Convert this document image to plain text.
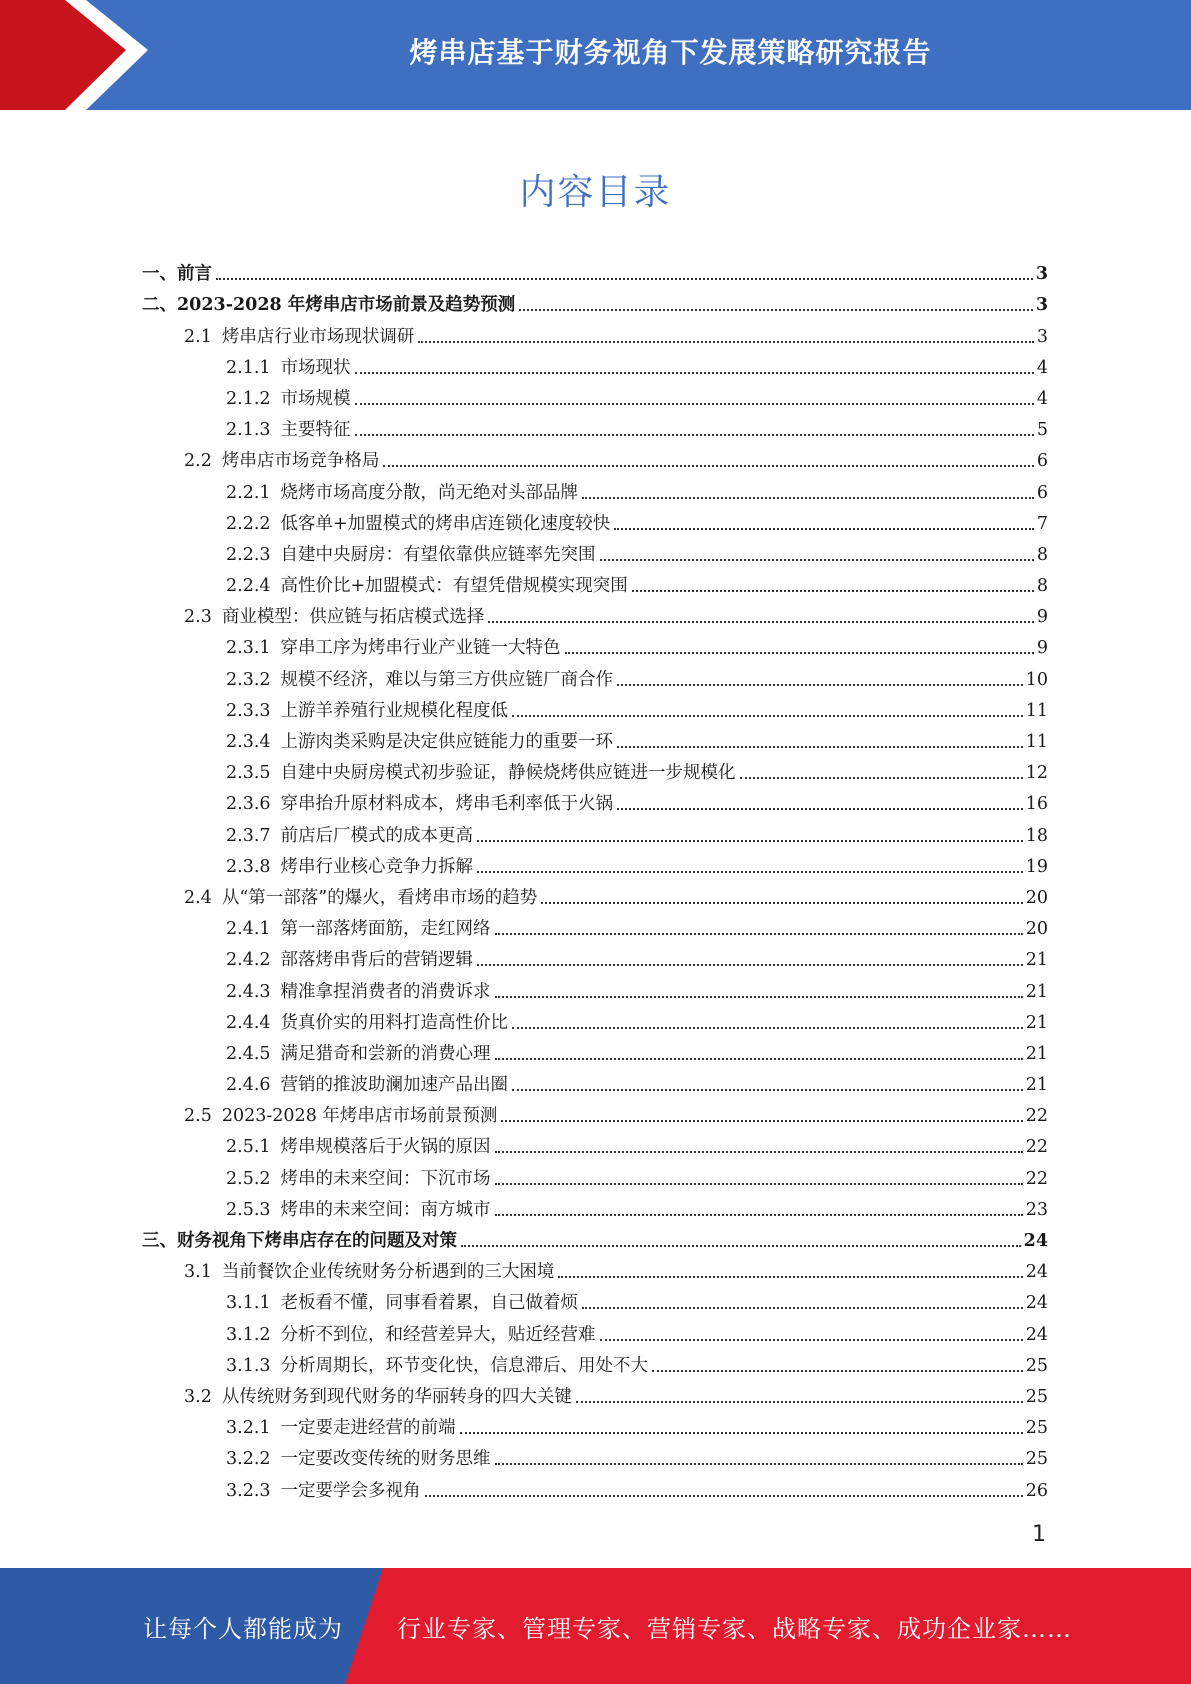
烤串店基于财务视角下发展策略研究报告
内容目录
一、 前言	3
二、 2023-2028 年烤串店市场前景及趋势预测	3
2.1 烤串店行业市场现状调研	3
2.1.1 市场现状	4
2.1.2 市场规模	4
2.1.3 主要特征	5
2.2 烤串店市场竞争格局	6
2.2.1 烧烤市场高度分散，尚无绝对头部品牌	6
2.2.2 低客单+加盟模式的烤串店连锁化速度较快	7
2.2.3 自建中央厨房：有望依靠供应链率先突围	8
2.2.4 高性价比+加盟模式：有望凭借规模实现突围	8
2.3 商业模型：供应链与拓店模式选择	9
2.3.1 穿串工序为烤串行业产业链一大特色	9
2.3.2 规模不经济，难以与第三方供应链厂商合作	10
2.3.3 上游羊养殖行业规模化程度低	11
2.3.4 上游肉类采购是决定供应链能力的重要一环	11
2.3.5 自建中央厨房模式初步验证，静候烧烤供应链进一步规模化	12
2.3.6 穿串抬升原材料成本，烤串毛利率低于火锅	16
2.3.7 前店后厂模式的成本更高	18
2.3.8 烤串行业核心竞争力拆解	19
2.4 从“第一部落”的爆火，看烤串市场的趋势	20
2.4.1 第一部落烤面筋，走红网络	20
2.4.2 部落烤串背后的营销逻辑	21
2.4.3 精准拿捏消费者的消费诉求	21
2.4.4 货真价实的用料打造高性价比	21
2.4.5 满足猎奇和尝新的消费心理	21
2.4.6 营销的推波助澜加速产品出圈	21
2.5 2023-2028 年烤串店市场前景预测	22
2.5.1 烤串规模落后于火锅的原因	22
2.5.2 烤串的未来空间：下沉市场	22
2.5.3 烤串的未来空间：南方城市	23
三、 财务视角下烤串店存在的问题及对策	24
3.1 当前餐饮企业传统财务分析遇到的三大困境	24
3.1.1 老板看不懂，同事看着累，自己做着烦	24
3.1.2 分析不到位，和经营差异大，贴近经营难	24
3.1.3 分析周期长，环节变化快，信息滞后、用处不大	25
3.2 从传统财务到现代财务的华丽转身的四大关键	25
3.2.1 一定要走进经营的前端	25
3.2.2 一定要改变传统的财务思维	25
3.2.3 一定要学会多视角	26
1
让每个人都能成为 行业专家、管理专家、营销专家、战略专家、成功企业家……
